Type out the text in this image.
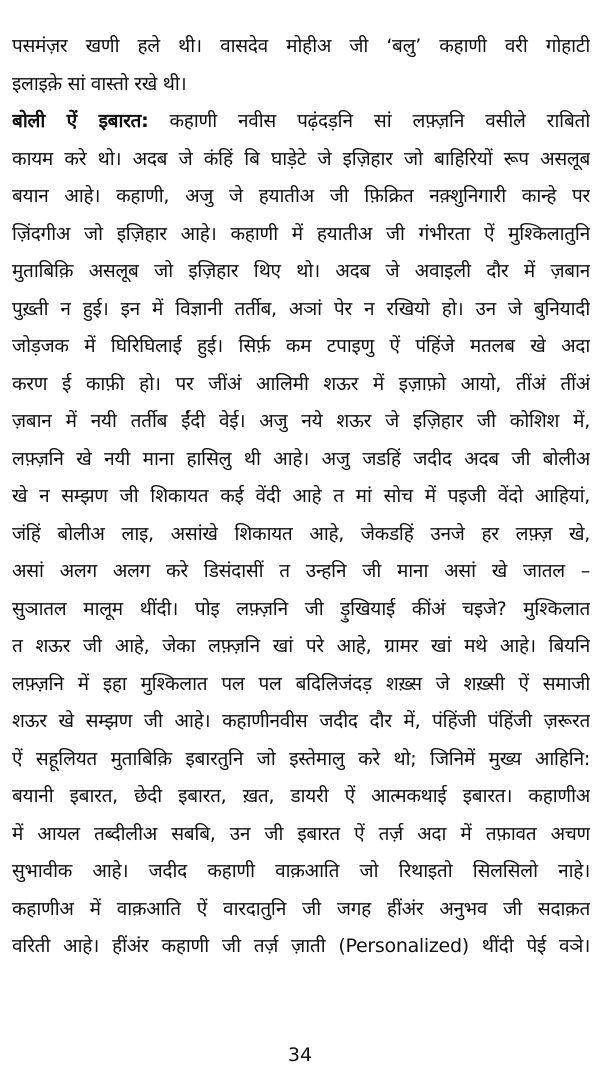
पसमंज़र खणी हले थी। वासदेव मोहीअ जी ‘बलु’ कहाणी वरी गोहाटी
इलाइक़े सां वास्तो रखे थी।
बोली ऐं इबारत: कहाणी नवीस पढ़ंदड़नि सां लफ़्ज़नि वसीले राबितो
कायम करे थो। अदब जे कंहिं बि घाड़ेटे जे इज़िहार जो बाहिरियों रूप असलूब
बयान आहे। कहाणी, अजु जे हयातीअ जी फ़िक्रित नक़्शुनिगारी कान्हे पर
ज़िंदगीअ जो इज़िहार आहे। कहाणी में हयातीअ जी गंभीरता ऐं मुश्किलातुनि
मुताबिक़ि असलूब जो इज़िहार थिए थो। अदब जे अवाइली दौर में ज़बान
पुख़्ती न हुई। इन में विज्ञानी तर्तीब, अञां पेर न रखियो हो। उन जे बुनियादी
जोड़जक में घिरिघिलाई हुई। सिर्फ़ कम टपाइणु ऐं पंहिंजे मतलब खे अदा
करण ई काफ़ी हो। पर जींअं आलिमी शऊर में इज़ाफ़ो आयो, तींअं तींअं
ज़बान में नयी तर्तीब ईंदी वेई। अजु नये शऊर जे इज़िहार जी कोशिश में,
लफ़्ज़नि खे नयी माना हासिलु थी आहे। अजु जडहिं जदीद अदब जी बोलीअ
खे न सम्झण जी शिकायत कई वेंदी आहे त मां सोच में पइजी वेंदो आहियां,
जंहिं बोलीअ लाइ, असांखे शिकायत आहे, जेकडहिं उनजे हर लफ़्ज़ खे,
असां अलग अलग करे डिसंदासीं त उन्हनि जी माना असां खे जातल –
सुञातल मालूम थींदी। पोइ लफ़्ज़नि जी ड़ुखियाई कींअं चइजे? मुश्किलात
त शऊर जी आहे, जेका लफ़्ज़नि खां परे आहे, ग्रामर खां मथे आहे। बियनि
लफ़्ज़नि में इहा मुश्किलात पल पल बदिलिजंदड़ शख़्स जे शख़्सी ऐं समाजी
शऊर खे सम्झण जी आहे। कहाणीनवीस जदीद दौर में, पंहिंजी पंहिंजी ज़रूरत
ऐं सहूलियत मुताबिक़ि इबारतुनि जो इस्तेमालु करे थो; जिनिमें मुख्य आहिनि:
बयानी इबारत, छेदी इबारत, ख़त, डायरी ऐं आत्मकथाई इबारत। कहाणीअ
में आयल तब्दीलीअ सबबि, उन जी इबारत ऐं तर्ज़ अदा में तफ़ावत अचण
सुभावीक आहे। जदीद कहाणी वाक़आति जो रिथाइतो सिलसिलो नाहे।
कहाणीअ में वाक़आति ऐं वारदातुनि जी जगह हींअंर अनुभव जी सदाक़त
वरिती आहे। हींअंर कहाणी जी तर्ज़ ज़ाती (Personalized) थींदी पेई वञे।
34
